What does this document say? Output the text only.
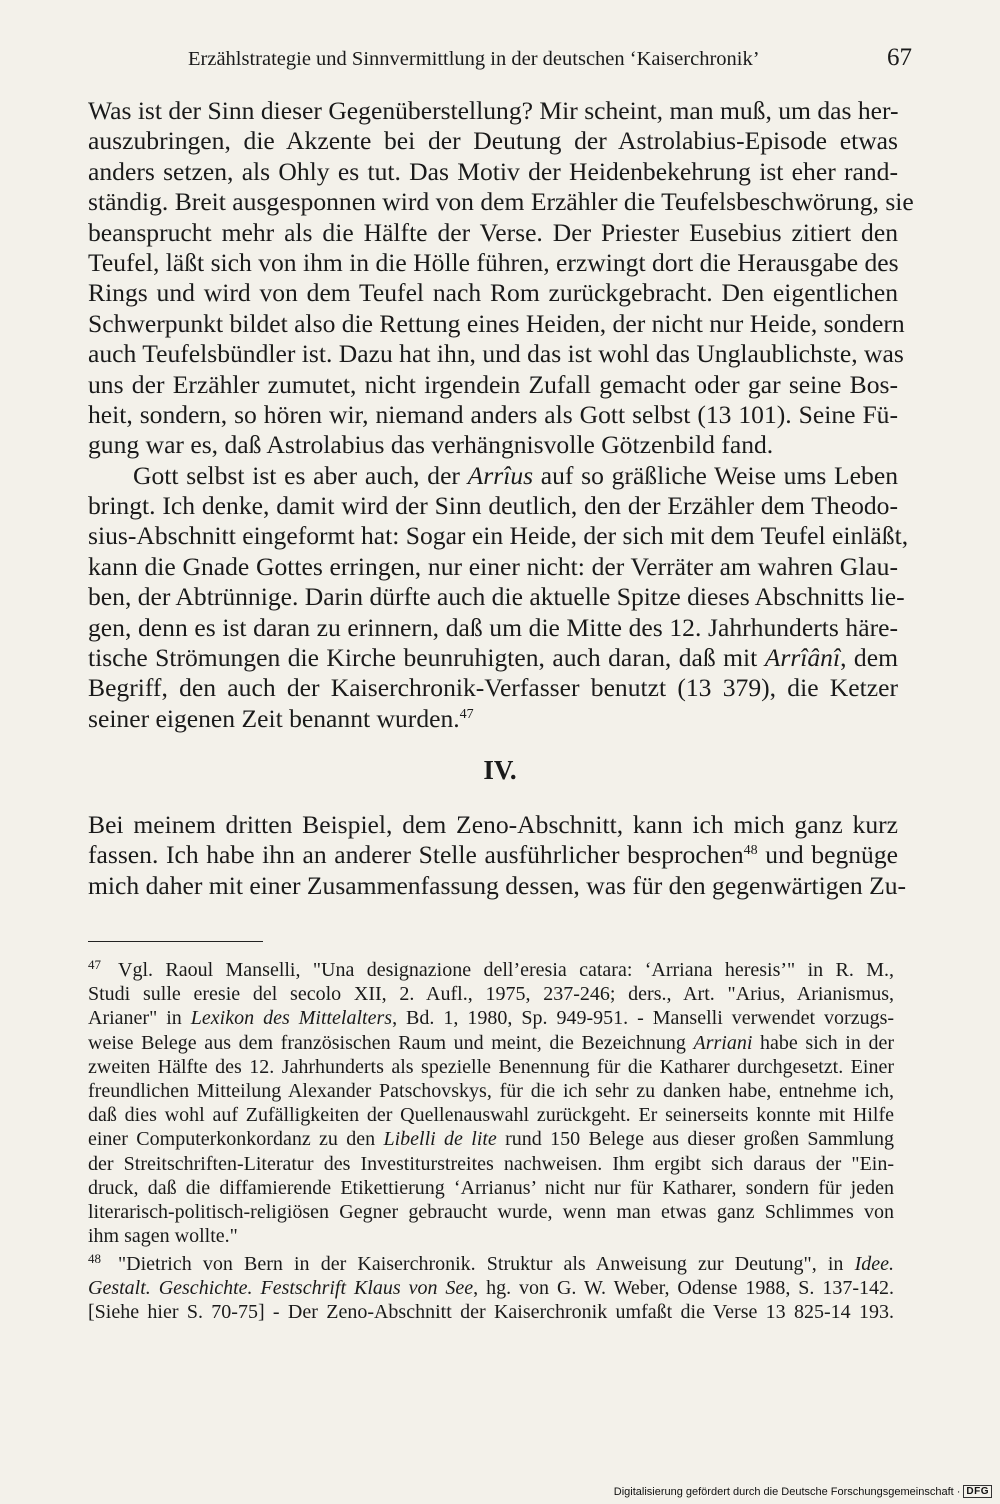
Erzählstrategie und Sinnvermittlung in der deutschen ‘Kaiserchronik’	67
Was ist der Sinn dieser Gegenüberstellung? Mir scheint, man muß, um das her-
auszubringen, die Akzente bei der Deutung der Astrolabius-Episode etwas
anders setzen, als Ohly es tut. Das Motiv der Heidenbekehrung ist eher rand-
ständig. Breit ausgesponnen wird von dem Erzähler die Teufelsbeschwörung, sie
beansprucht mehr als die Hälfte der Verse. Der Priester Eusebius zitiert den
Teufel, läßt sich von ihm in die Hölle führen, erzwingt dort die Herausgabe des
Rings und wird von dem Teufel nach Rom zurückgebracht. Den eigentlichen
Schwerpunkt bildet also die Rettung eines Heiden, der nicht nur Heide, sondern
auch Teufelsbündler ist. Dazu hat ihn, und das ist wohl das Unglaublichste, was
uns der Erzähler zumutet, nicht irgendein Zufall gemacht oder gar seine Bos-
heit, sondern, so hören wir, niemand anders als Gott selbst (13 101). Seine Fü-
gung war es, daß Astrolabius das verhängnisvolle Götzenbild fand.
Gott selbst ist es aber auch, der Arrîus auf so gräßliche Weise ums Leben
bringt. Ich denke, damit wird der Sinn deutlich, den der Erzähler dem Theodo-
sius-Abschnitt eingeformt hat: Sogar ein Heide, der sich mit dem Teufel einläßt,
kann die Gnade Gottes erringen, nur einer nicht: der Verräter am wahren Glau-
ben, der Abtrünnige. Darin dürfte auch die aktuelle Spitze dieses Abschnitts lie-
gen, denn es ist daran zu erinnern, daß um die Mitte des 12. Jahrhunderts häre-
tische Strömungen die Kirche beunruhigten, auch daran, daß mit Arrîânî, dem
Begriff, den auch der Kaiserchronik-Verfasser benutzt (13 379), die Ketzer
seiner eigenen Zeit benannt wurden.$^{47}$
IV.
Bei meinem dritten Beispiel, dem Zeno-Abschnitt, kann ich mich ganz kurz
fassen. Ich habe ihn an anderer Stelle ausführlicher besprochen$^{48}$ und begnüge
mich daher mit einer Zusammenfassung dessen, was für den gegenwärtigen Zu-
47 Vgl. Raoul Manselli, "Una designazione dell’eresia catara: ‘Arriana heresis’" in R. M.,
Studi sulle eresie del secolo XII, 2. Aufl., 1975, 237-246; ders., Art. "Arius, Arianismus,
Arianer" in Lexikon des Mittelalters, Bd. 1, 1980, Sp. 949-951. - Manselli verwendet vorzugs-
weise Belege aus dem französischen Raum und meint, die Bezeichnung Arriani habe sich in der
zweiten Hälfte des 12. Jahrhunderts als spezielle Benennung für die Katharer durchgesetzt. Einer
freundlichen Mitteilung Alexander Patschovskys, für die ich sehr zu danken habe, entnehme ich,
daß dies wohl auf Zufälligkeiten der Quellenauswahl zurückgeht. Er seinerseits konnte mit Hilfe
einer Computerkonkordanz zu den Libelli de lite rund 150 Belege aus dieser großen Sammlung
der Streitschriften-Literatur des Investiturstreites nachweisen. Ihm ergibt sich daraus der "Ein-
druck, daß die diffamierende Etikettierung ‘Arrianus’ nicht nur für Katharer, sondern für jeden
literarisch-politisch-religiösen Gegner gebraucht wurde, wenn man etwas ganz Schlimmes von
ihm sagen wollte."
48 "Dietrich von Bern in der Kaiserchronik. Struktur als Anweisung zur Deutung", in Idee.
Gestalt. Geschichte. Festschrift Klaus von See, hg. von G. W. Weber, Odense 1988, S. 137-142.
[Siehe hier S. 70-75] - Der Zeno-Abschnitt der Kaiserchronik umfaßt die Verse 13 825-14 193.
Digitalisierung gefördert durch die Deutsche Forschungsgemeinschaft · DFG
